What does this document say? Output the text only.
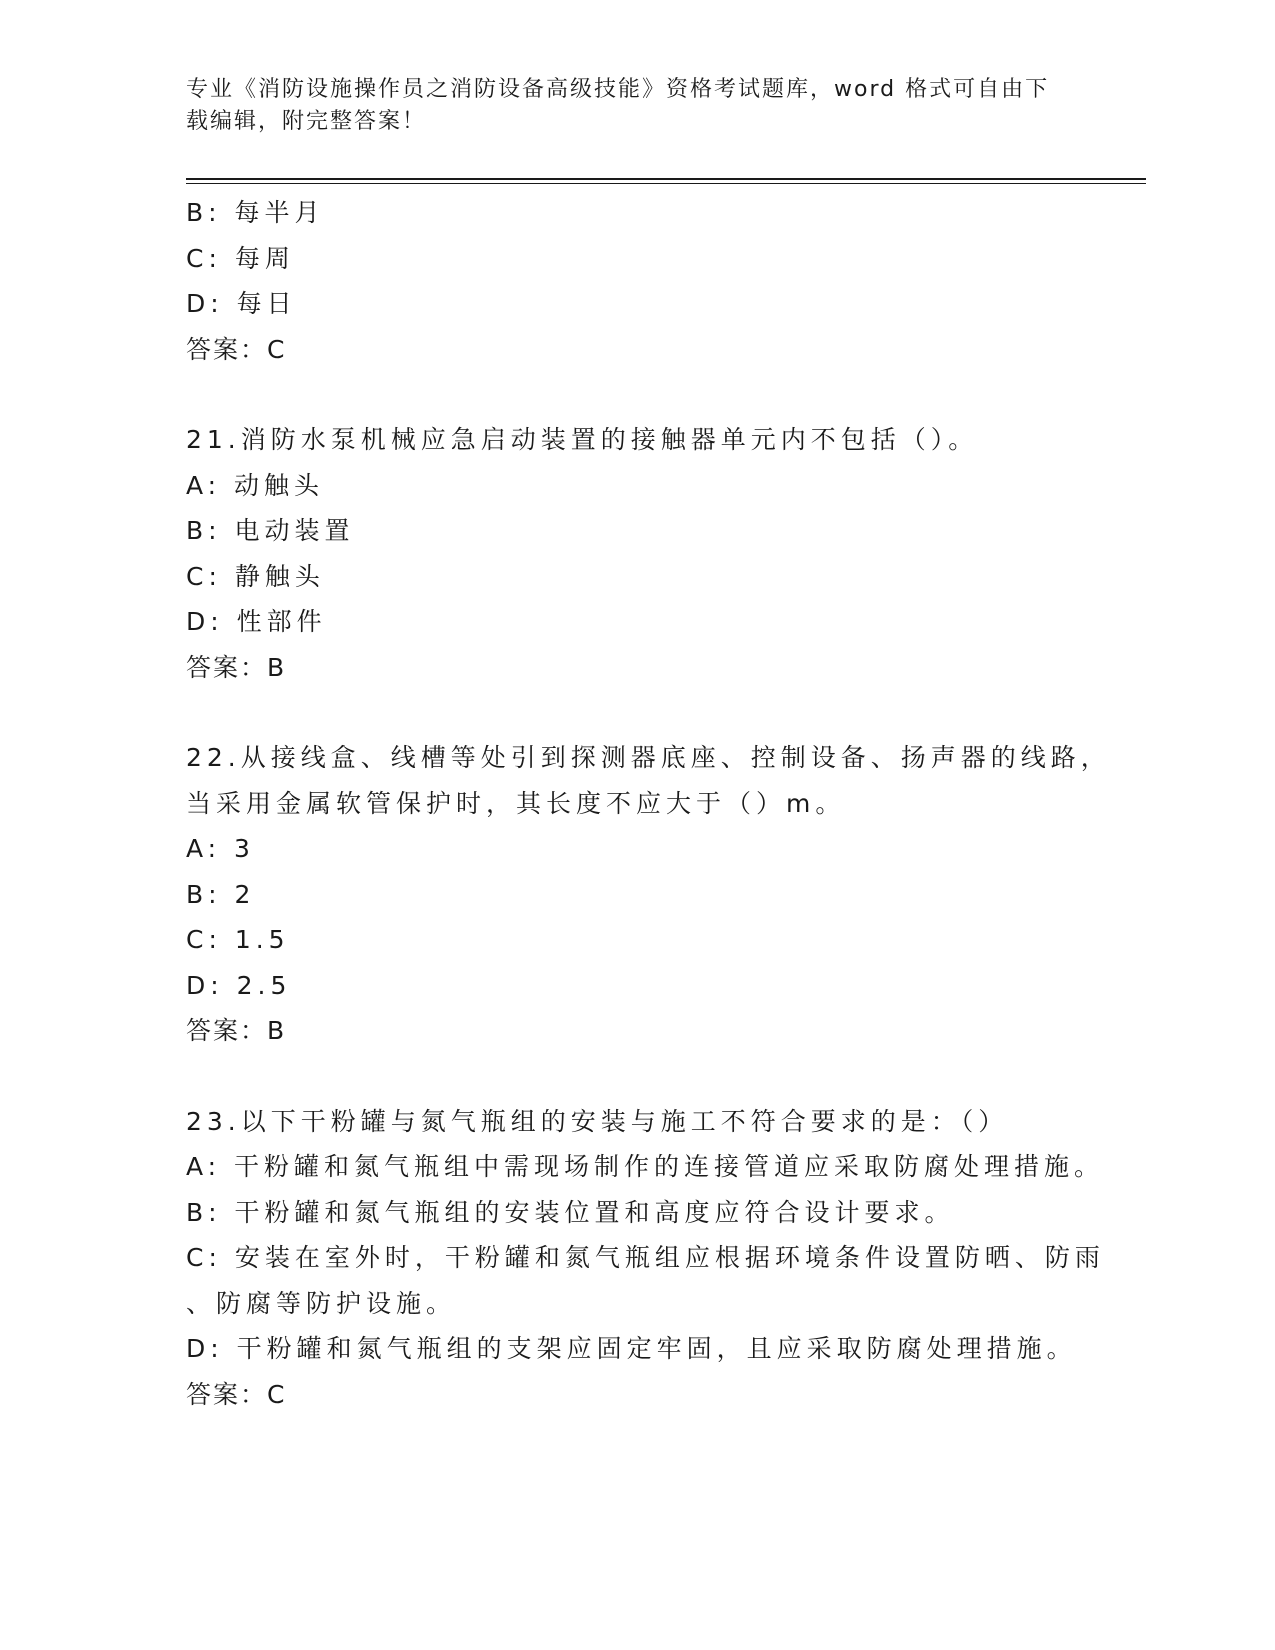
专业《消防设施操作员之消防设备高级技能》资格考试题库，word 格式可自由下
载编辑，附完整答案！
B: 每半月
C: 每周
D: 每日
答案：C
21.消防水泵机械应急启动装置的接触器单元内不包括（）。
A: 动触头
B: 电动装置
C: 静触头
D: 性部件
答案：B
22.从接线盒、线槽等处引到探测器底座、控制设备、扬声器的线路，
当采用金属软管保护时，其长度不应大于（）m。
A: 3
B: 2
C: 1.5
D: 2.5
答案：B
23.以下干粉罐与氮气瓶组的安装与施工不符合要求的是：（）
A: 干粉罐和氮气瓶组中需现场制作的连接管道应采取防腐处理措施。
B: 干粉罐和氮气瓶组的安装位置和高度应符合设计要求。
C: 安装在室外时，干粉罐和氮气瓶组应根据环境条件设置防晒、防雨
、防腐等防护设施。
D: 干粉罐和氮气瓶组的支架应固定牢固，且应采取防腐处理措施。
答案：C
